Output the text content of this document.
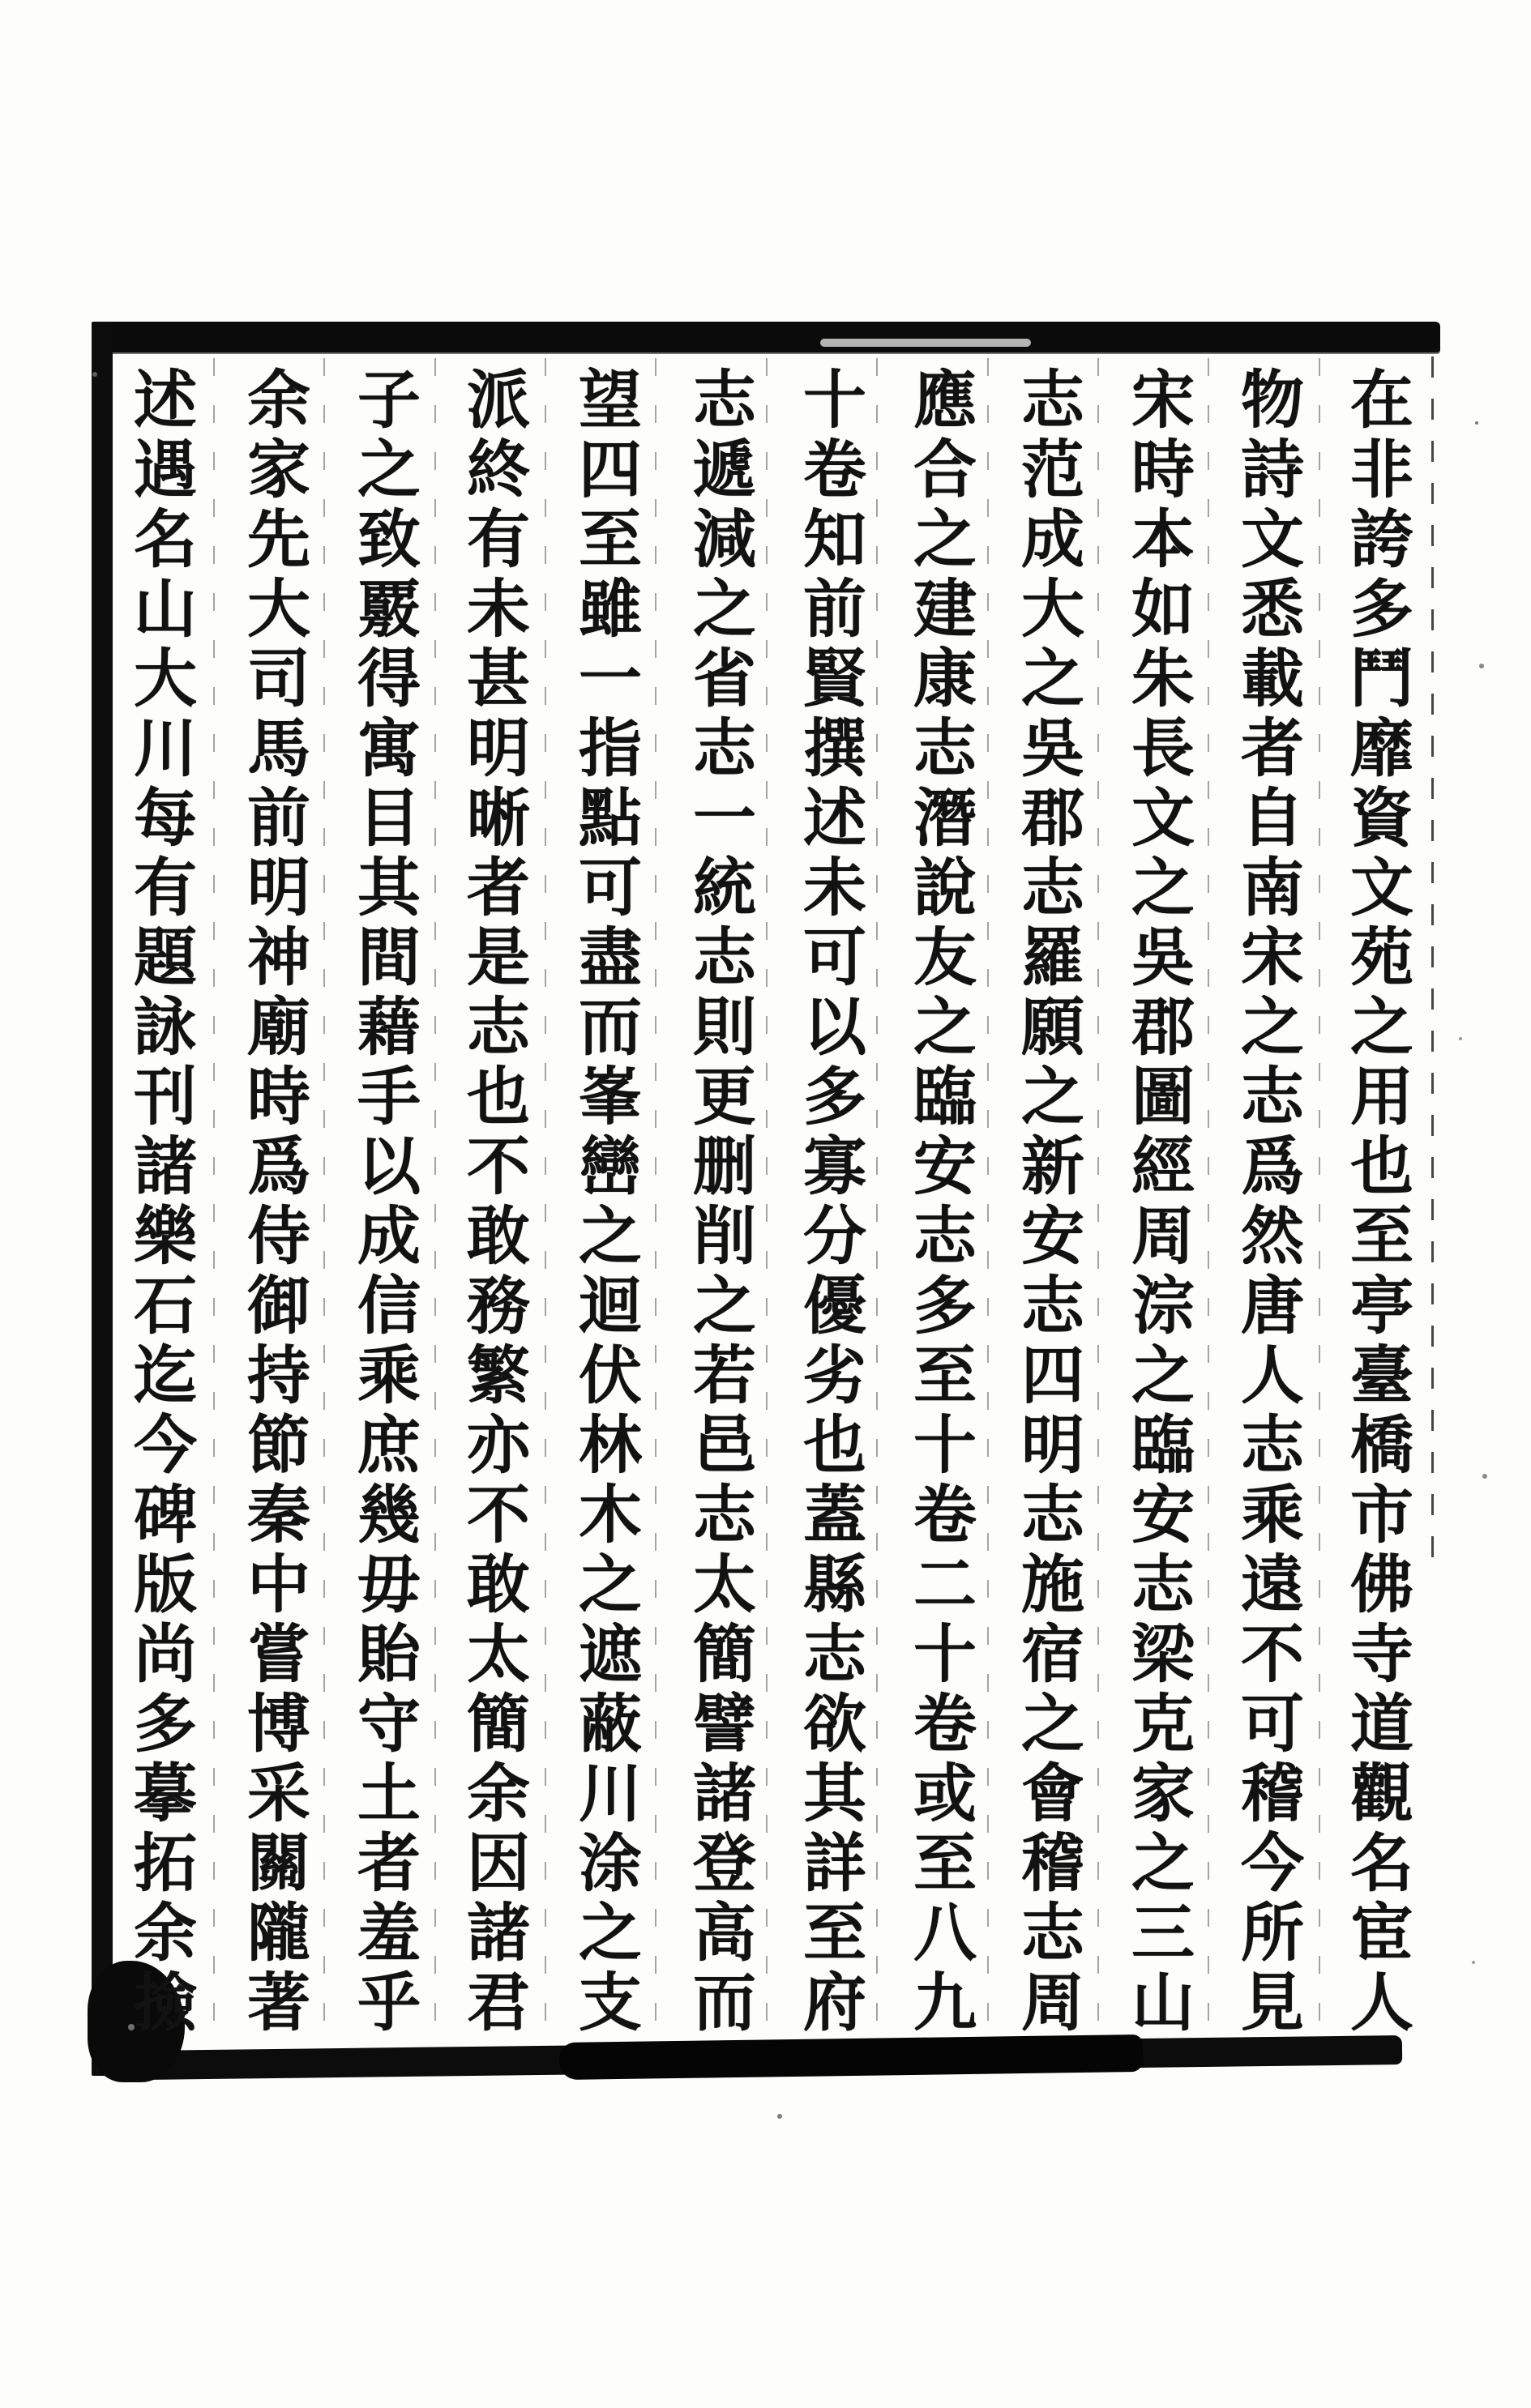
在非誇多鬥靡資文苑之用也至亭臺橋市佛寺道觀名宦人
物詩文悉載者自南宋之志爲然唐人志乘遠不可稽今所見
宋時本如朱長文之吳郡圖經周淙之臨安志梁克家之三山
志范成大之吳郡志羅願之新安志四明志施宿之會稽志周
應合之建康志潛說友之臨安志多至十卷二十卷或至八九
十卷知前賢撰述未可以多寡分優劣也蓋縣志欲其詳至府
志遞減之省志一統志則更删削之若邑志太簡譬諸登高而
望四至雖一指點可盡而峯巒之迴伏林木之遮蔽川涂之支
派終有未甚明晰者是志也不敢務繁亦不敢太簡余因諸君
子之致覈得寓目其間藉手以成信乘庶幾毋貽守土者羞乎
余家先大司馬前明神廟時爲侍御持節秦中嘗博采關隴著
述遇名山大川每有題詠刊諸樂石迄今碑版尚多摹拓余撿
